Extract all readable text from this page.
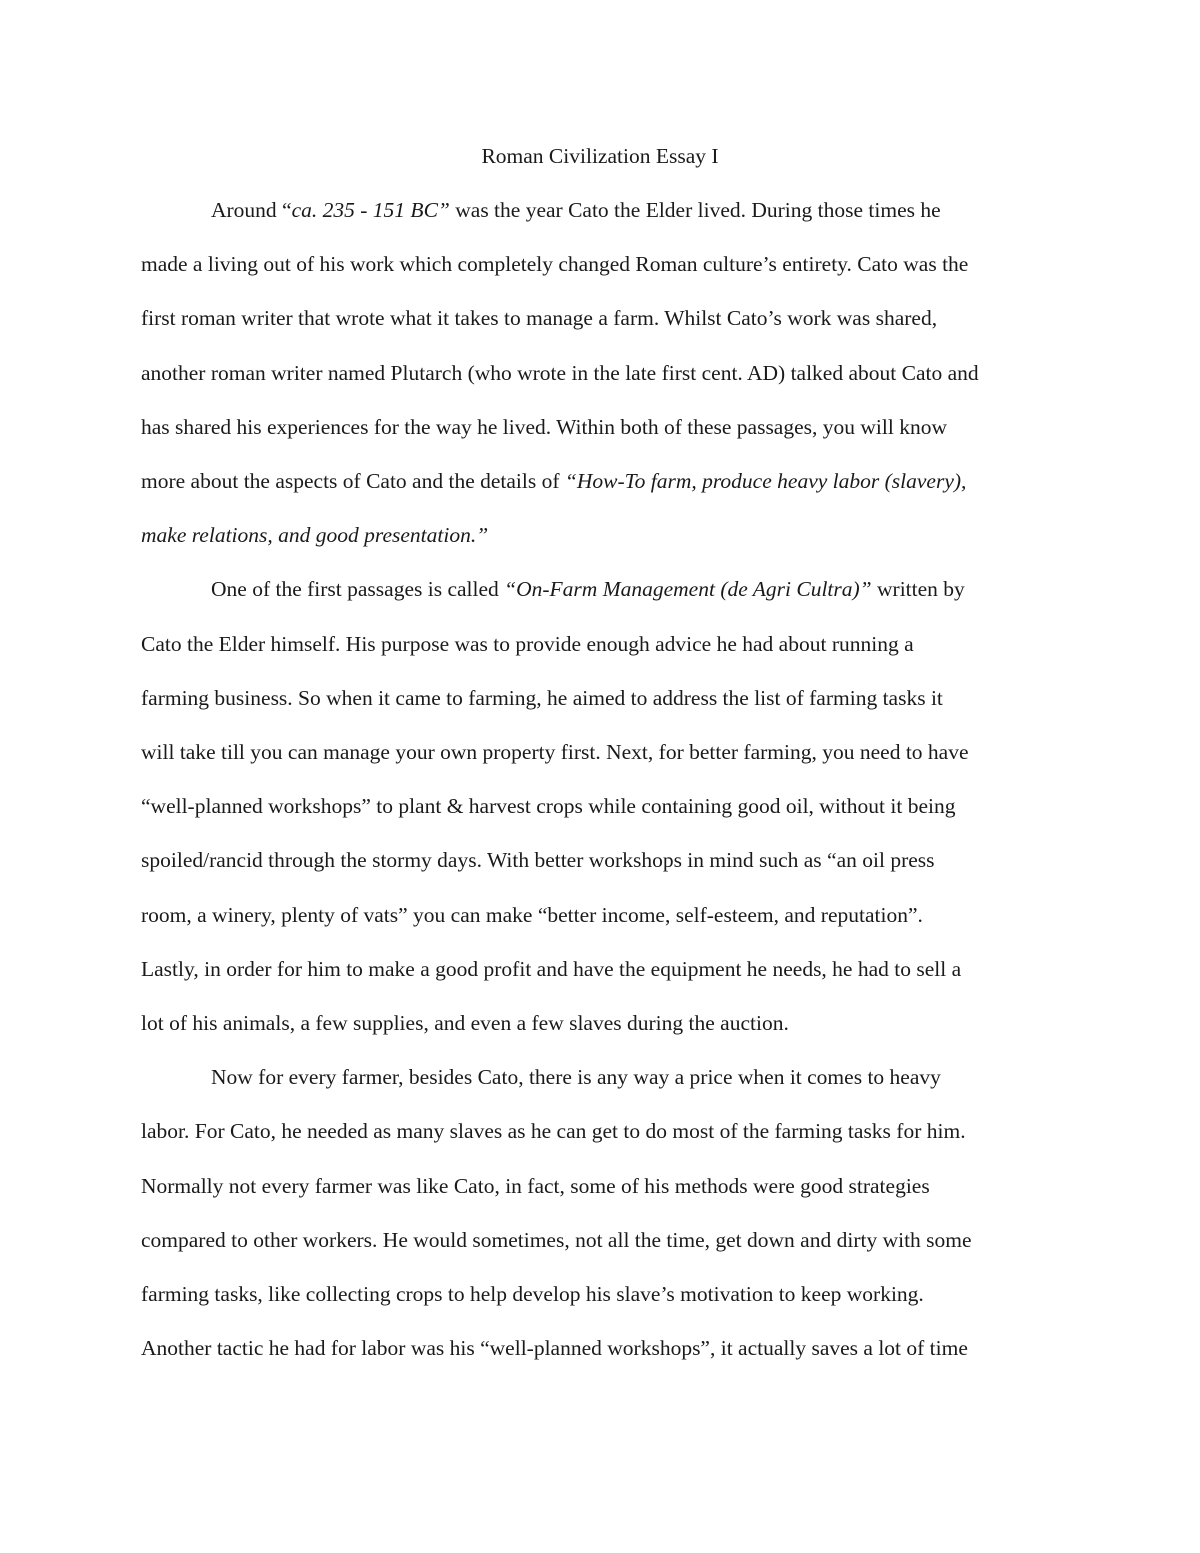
Roman Civilization Essay I
Around “ca. 235 - 151 BC” was the year Cato the Elder lived. During those times he
made a living out of his work which completely changed Roman culture’s entirety. Cato was the
first roman writer that wrote what it takes to manage a farm. Whilst Cato’s work was shared,
another roman writer named Plutarch (who wrote in the late first cent. AD) talked about Cato and
has shared his experiences for the way he lived. Within both of these passages, you will know
more about the aspects of Cato and the details of “How-To farm, produce heavy labor (slavery),
make relations, and good presentation.”
One of the first passages is called “On-Farm Management (de Agri Cultra)” written by
Cato the Elder himself. His purpose was to provide enough advice he had about running a
farming business. So when it came to farming, he aimed to address the list of farming tasks it
will take till you can manage your own property first. Next, for better farming, you need to have
“well-planned workshops” to plant & harvest crops while containing good oil, without it being
spoiled/rancid through the stormy days. With better workshops in mind such as “an oil press
room, a winery, plenty of vats” you can make “better income, self-esteem, and reputation”.
Lastly, in order for him to make a good profit and have the equipment he needs, he had to sell a
lot of his animals, a few supplies, and even a few slaves during the auction.
Now for every farmer, besides Cato, there is any way a price when it comes to heavy
labor. For Cato, he needed as many slaves as he can get to do most of the farming tasks for him.
Normally not every farmer was like Cato, in fact, some of his methods were good strategies
compared to other workers. He would sometimes, not all the time, get down and dirty with some
farming tasks, like collecting crops to help develop his slave’s motivation to keep working.
Another tactic he had for labor was his “well-planned workshops”, it actually saves a lot of time
